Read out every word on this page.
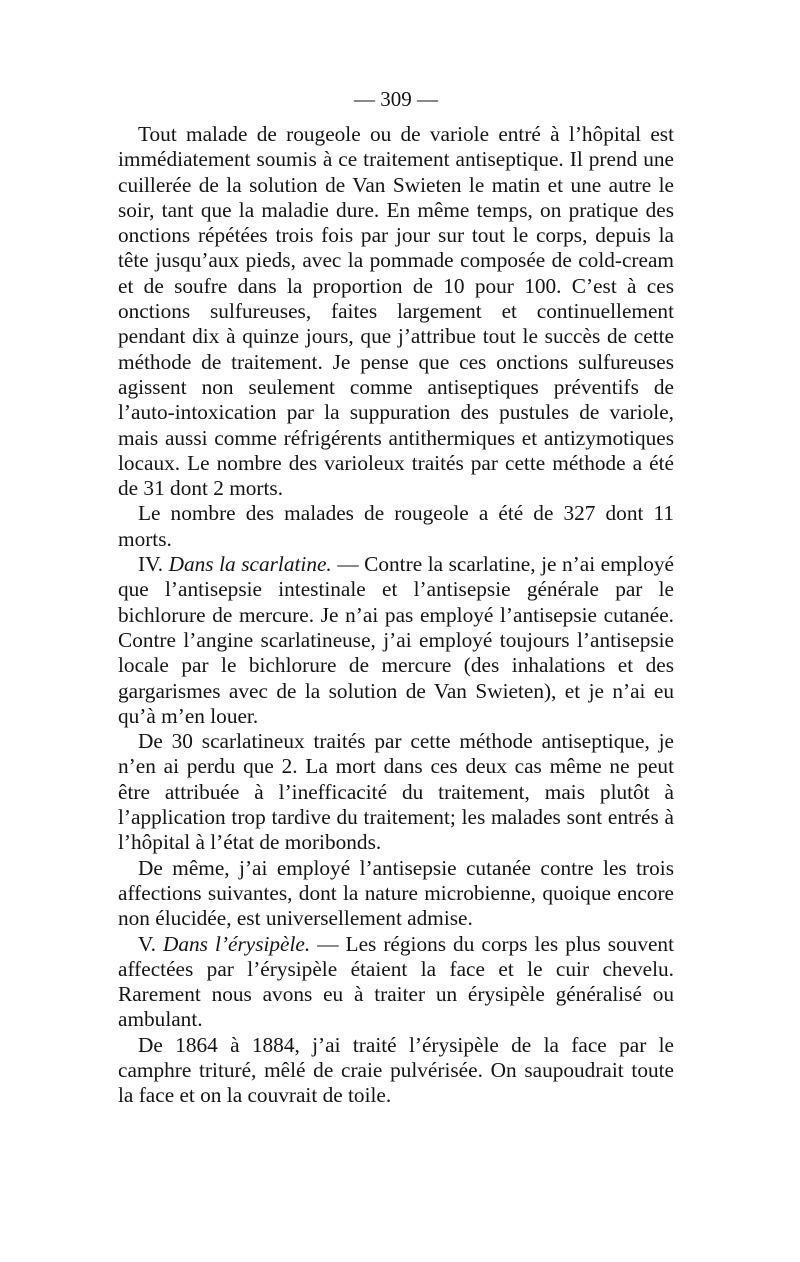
— 309 —

Tout malade de rougeole ou de variole entré à l’hôpital est immédiatement soumis à ce traitement antiseptique. Il prend une cuillerée de la solution de Van Swieten le matin et une autre le soir, tant que la maladie dure. En même temps, on pratique des onctions répétées trois fois par jour sur tout le corps, depuis la tête jusqu’aux pieds, avec la pommade composée de cold-cream et de soufre dans la proportion de 10 pour 100. C’est à ces onctions sulfureuses, faites largement et continuellement pendant dix à quinze jours, que j’attribue tout le succès de cette méthode de traitement. Je pense que ces onctions sulfureuses agissent non seulement comme antiseptiques préventifs de l’auto-intoxication par la suppuration des pustules de variole, mais aussi comme réfrigérents antithermiques et antizymotiques locaux. Le nombre des varioleux traités par cette méthode a été de 31 dont 2 morts.

Le nombre des malades de rougeole a été de 327 dont 11 morts.

IV. Dans la scarlatine. — Contre la scarlatine, je n’ai employé que l’antisepsie intestinale et l’antisepsie générale par le bichlorure de mercure. Je n’ai pas employé l’antisepsie cutanée. Contre l’angine scarlatineuse, j’ai employé toujours l’antisepsie locale par le bichlorure de mercure (des inhalations et des gargarismes avec de la solution de Van Swieten), et je n’ai eu qu’à m’en louer.

De 30 scarlatineux traités par cette méthode antiseptique, je n’en ai perdu que 2. La mort dans ces deux cas même ne peut être attribuée à l’inefficacité du traitement, mais plutôt à l’application trop tardive du traitement; les malades sont entrés à l’hôpital à l’état de moribonds.

De même, j’ai employé l’antisepsie cutanée contre les trois affections suivantes, dont la nature microbienne, quoique encore non élucidée, est universellement admise.

V. Dans l’érysipèle. — Les régions du corps les plus souvent affectées par l’érysipèle étaient la face et le cuir chevelu. Rarement nous avons eu à traiter un érysipèle généralisé ou ambulant.

De 1864 à 1884, j’ai traité l’érysipèle de la face par le camphre trituré, mêlé de craie pulvérisée. On saupoudrait toute la face et on la couvrait de toile.
